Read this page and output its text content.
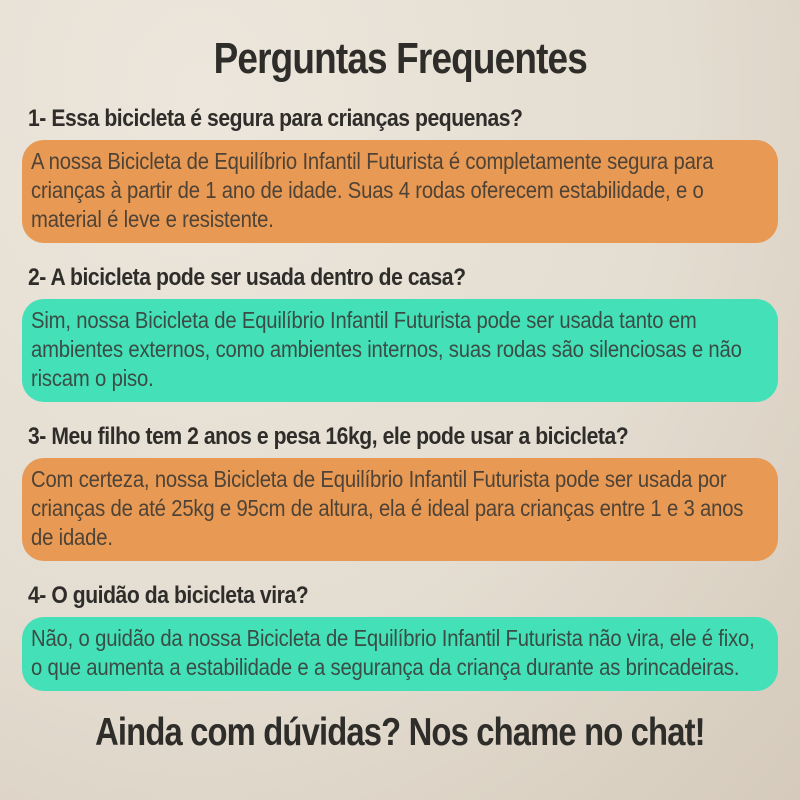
Perguntas Frequentes
1- Essa bicicleta é segura para crianças pequenas?
A nossa Bicicleta de Equilíbrio Infantil Futurista é completamente segura para crianças à partir de 1 ano de idade. Suas 4 rodas oferecem estabilidade, e o material é leve e resistente.
2- A bicicleta pode ser usada dentro de casa?
Sim, nossa Bicicleta de Equilíbrio Infantil Futurista pode ser usada tanto em ambientes externos, como ambientes internos, suas rodas são silenciosas e não riscam o piso.
3- Meu filho tem 2 anos e pesa 16kg, ele pode usar a bicicleta?
Com certeza, nossa Bicicleta de Equilíbrio Infantil Futurista pode ser usada por crianças de até 25kg e 95cm de altura, ela é ideal para crianças entre 1 e 3 anos de idade.
4- O guidão da bicicleta vira?
Não, o guidão da nossa Bicicleta de Equilíbrio Infantil Futurista não vira, ele é fixo, o que aumenta a estabilidade e a segurança da criança durante as brincadeiras.
Ainda com dúvidas? Nos chame no chat!
